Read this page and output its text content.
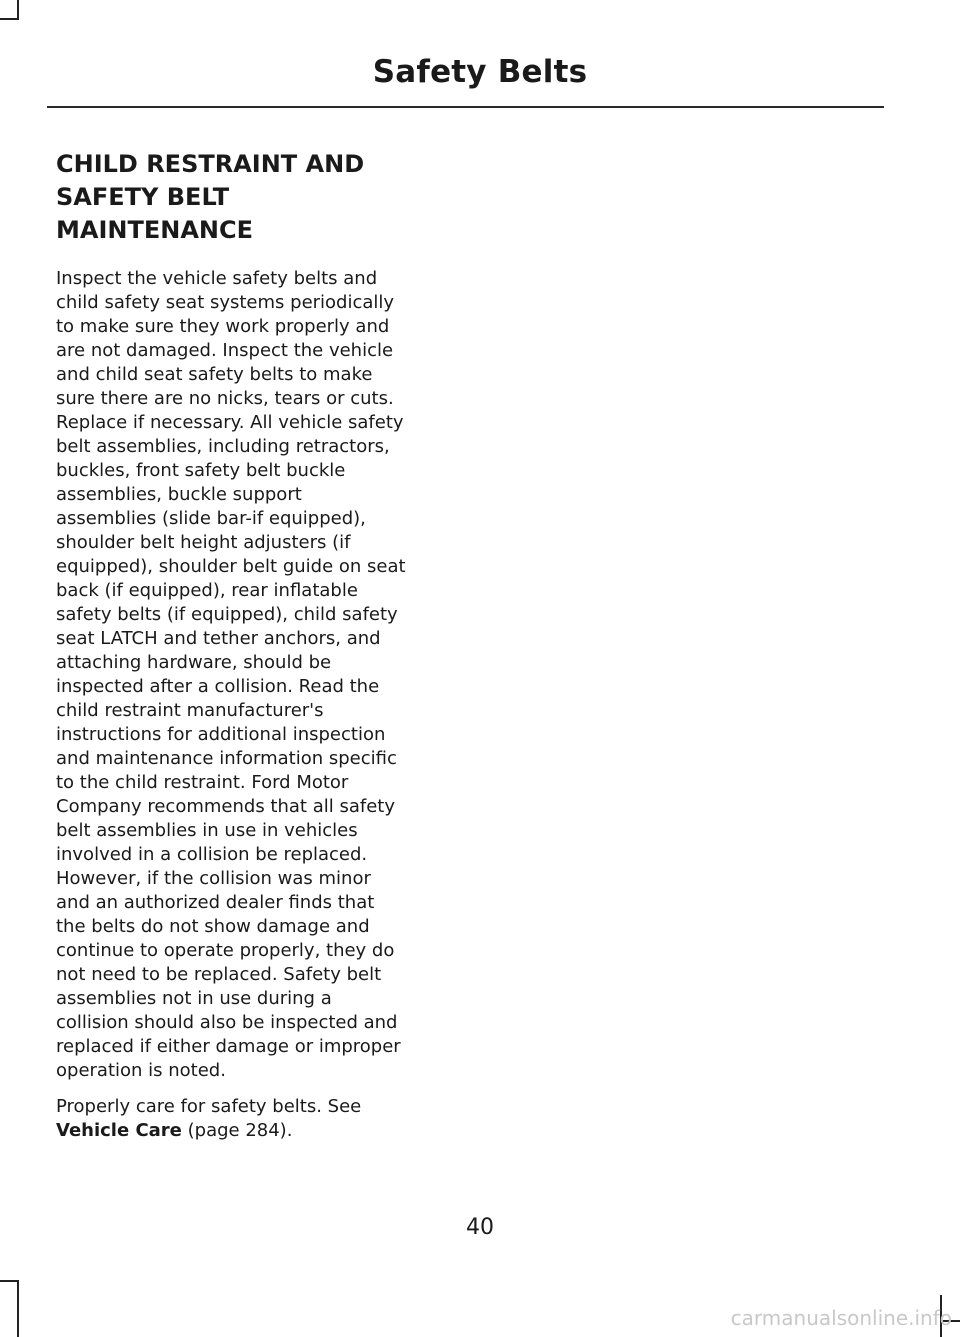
Safety Belts
CHILD RESTRAINT AND
SAFETY BELT
MAINTENANCE
Inspect the vehicle safety belts and
child safety seat systems periodically
to make sure they work properly and
are not damaged. Inspect the vehicle
and child seat safety belts to make
sure there are no nicks, tears or cuts.
Replace if necessary. All vehicle safety
belt assemblies, including retractors,
buckles, front safety belt buckle
assemblies, buckle support
assemblies (slide bar-if equipped),
shoulder belt height adjusters (if
equipped), shoulder belt guide on seat
back (if equipped), rear inflatable
safety belts (if equipped), child safety
seat LATCH and tether anchors, and
attaching hardware, should be
inspected after a collision. Read the
child restraint manufacturer's
instructions for additional inspection
and maintenance information specific
to the child restraint. Ford Motor
Company recommends that all safety
belt assemblies in use in vehicles
involved in a collision be replaced.
However, if the collision was minor
and an authorized dealer finds that
the belts do not show damage and
continue to operate properly, they do
not need to be replaced. Safety belt
assemblies not in use during a
collision should also be inspected and
replaced if either damage or improper
operation is noted.
Properly care for safety belts. See
Vehicle Care (page 284).
40
carmanualsonline.info
